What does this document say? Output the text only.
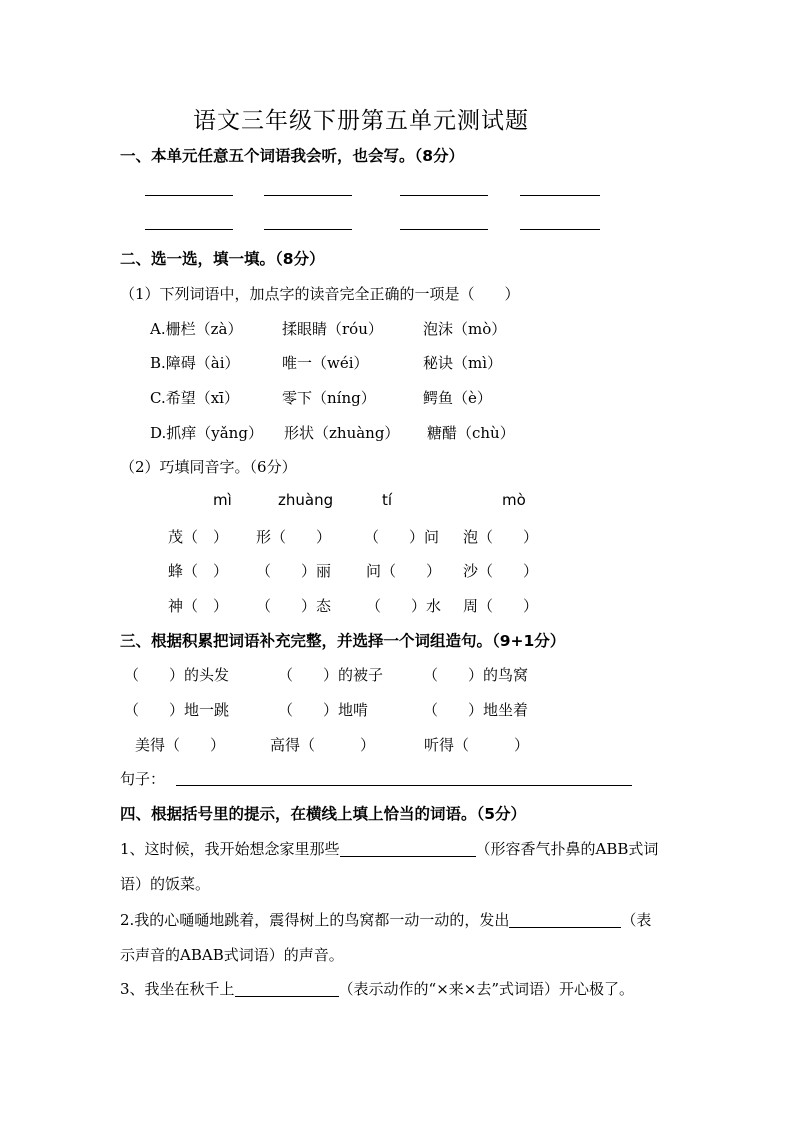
语文三年级下册第五单元测试题
一、本单元任意五个词语我会听，也会写。（8分）
二、选一选，填一填。（8分）
（1）下列词语中，加点字的读音完全正确的一项是（　　）
A.栅栏（zà）	揉眼睛（róu）	泡沫（mò）
B.障碍（ài）	唯一（wéi）	秘诀（mì）
C.希望（xī）	零下（níng）	鳄鱼（è）
D.抓痒（yǎng） 形状（zhuàng） 糖醋（chù）
（2）巧填同音字。（6分）
mì	zhuàng	tí	mò
茂（　） 形（　　） （　　）问 泡（　　）
蜂（　） （　　）丽 问（　　） 沙（　　）
神（　） （　　）态 （　　）水 周（　　）
三、根据积累把词语补充完整，并选择一个词组造句。（9+1分）
（　　）的头发	（　　）的被子	（　　）的鸟窝
（　　）地一跳	（　　）地啃	（　　）地坐着
美得（　　）	高得（　　　）	听得（　　　）
句子：
四、根据括号里的提示，在横线上填上恰当的词语。（5分）
1、这时候，我开始想念家里那些	（形容香气扑鼻的ABB式词
语）的饭菜。
2.我的心嗵嗵地跳着，震得树上的鸟窝都一动一动的，发出	（表
示声音的ABAB式词语）的声音。
3、我坐在秋千上	（表示动作的“×来×去”式词语）开心极了。
